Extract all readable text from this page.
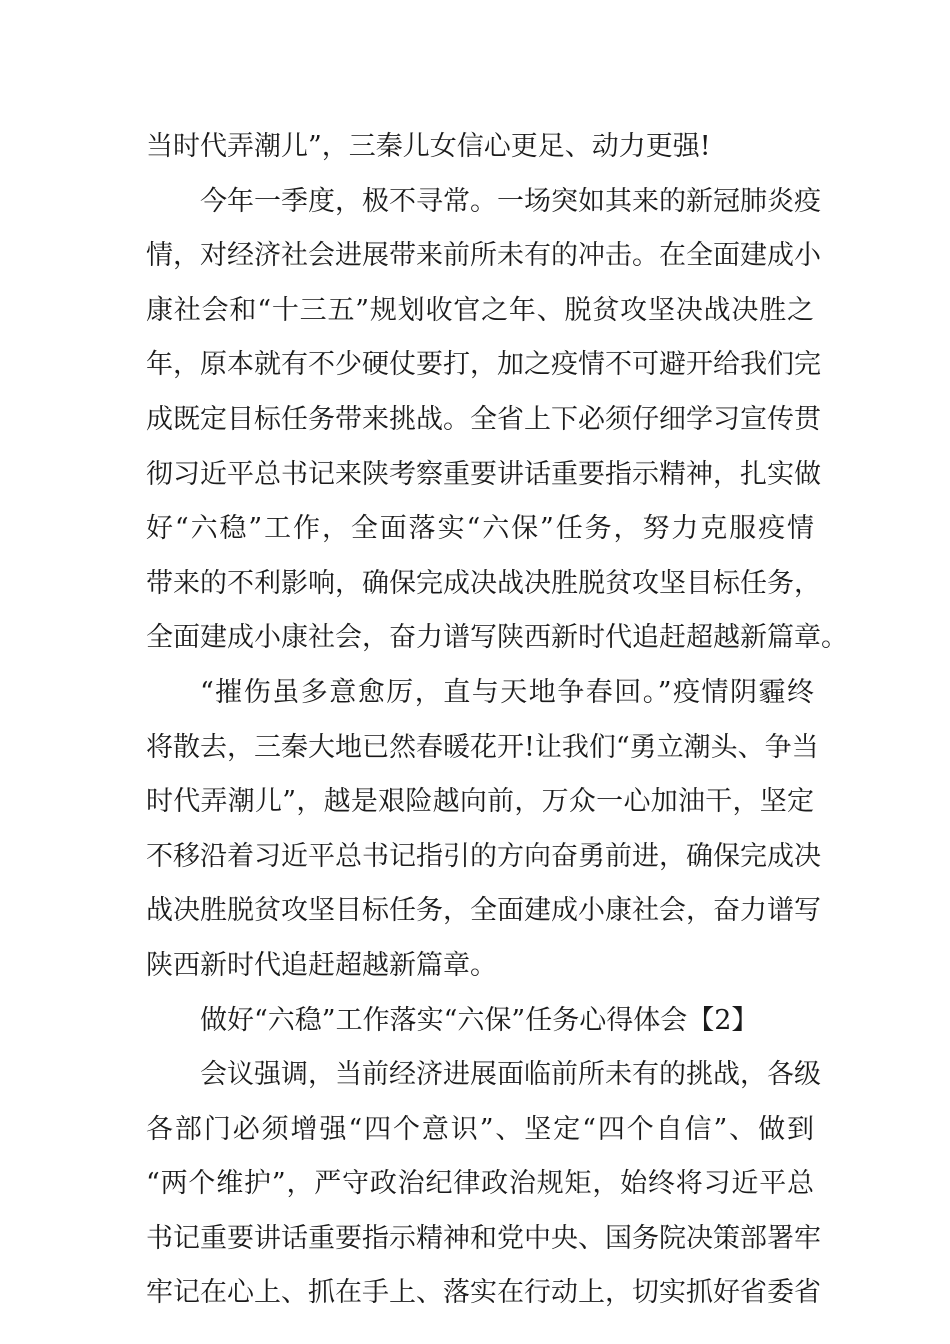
当时代弄潮儿”，三秦儿女信心更足、动力更强!
今年一季度，极不寻常。一场突如其来的新冠肺炎疫
情，对经济社会进展带来前所未有的冲击。在全面建成小
康社会和“十三五”规划收官之年、脱贫攻坚决战决胜之
年，原本就有不少硬仗要打，加之疫情不可避开给我们完
成既定目标任务带来挑战。全省上下必须仔细学习宣传贯
彻习近平总书记来陕考察重要讲话重要指示精神，扎实做
好“六稳”工作，全面落实“六保”任务，努力克服疫情
带来的不利影响，确保完成决战决胜脱贫攻坚目标任务，
全面建成小康社会，奋力谱写陕西新时代追赶超越新篇章。
“摧伤虽多意愈厉，直与天地争春回。”疫情阴霾终
将散去，三秦大地已然春暖花开!让我们“勇立潮头、争当
时代弄潮儿”，越是艰险越向前，万众一心加油干，坚定
不移沿着习近平总书记指引的方向奋勇前进，确保完成决
战决胜脱贫攻坚目标任务，全面建成小康社会，奋力谱写
陕西新时代追赶超越新篇章。
做好“六稳”工作落实“六保”任务心得体会【2】
会议强调，当前经济进展面临前所未有的挑战，各级
各部门必须增强“四个意识”、坚定“四个自信”、做到
“两个维护”，严守政治纪律政治规矩，始终将习近平总
书记重要讲话重要指示精神和党中央、国务院决策部署牢
牢记在心上、抓在手上、落实在行动上，切实抓好省委省
